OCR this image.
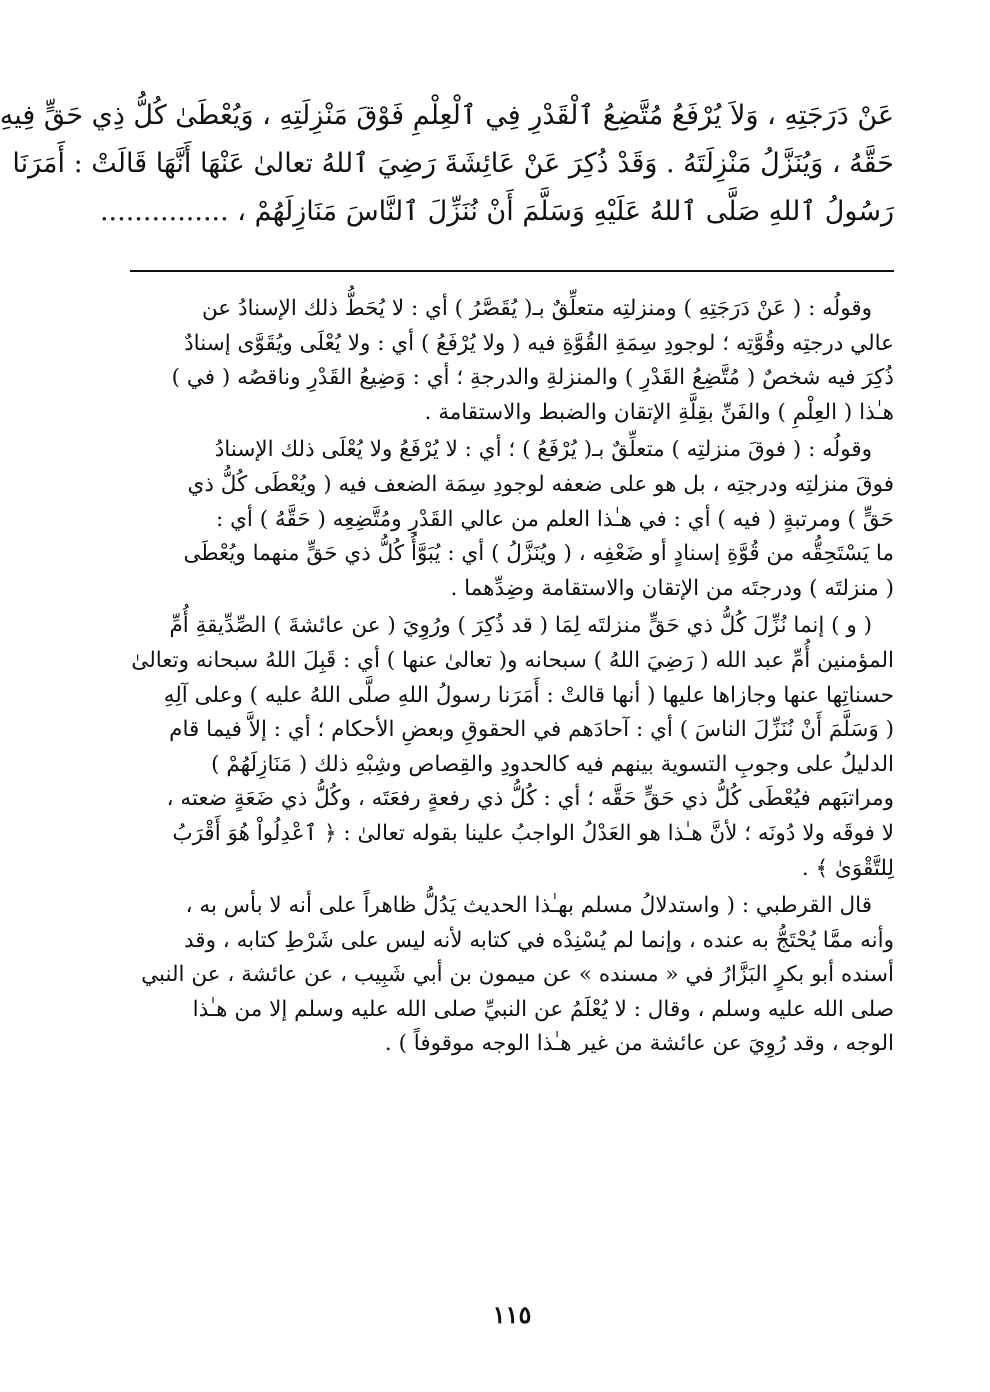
عَنْ دَرَجَتِهِ ، وَلاَ يُرْفَعُ مُتَّضِعُ ٱلْقَدْرِ فِي ٱلْعِلْمِ فَوْقَ مَنْزِلَتِهِ ، وَيُعْطَىٰ كُلُّ ذِي حَقٍّ فِيهِ

حَقَّهُ ، وَيُنَزَّلُ مَنْزِلَتَهُ . وَقَدْ ذُكِرَ عَنْ عَائِشَةَ رَضِيَ ٱللهُ تعالىٰ عَنْهَا أَنَّهَا قَالَتْ : أَمَرَنَا

رَسُولُ ٱللهِ صَلَّى ٱللهُ عَلَيْهِ وَسَلَّمَ أَنْ نُنَزِّلَ ٱلنَّاسَ مَنَازِلَهُمْ ، ...............

وقولُه : ( عَنْ دَرَجَتِهِ ) ومنزلتِه متعلِّقٌ بـ( يُقَصَّرُ ) أي : لا يُحَطُّ ذلك الإسنادُ عن
عالي درجتِه وقُوَّتِه ؛ لوجودِ سِمَةِ القُوَّةِ فيه ( ولا يُرْفَعُ ) أي : ولا يُعْلَى ويُقَوَّى إسنادٌ
ذُكِرَ فيه شخصٌ ( مُتَّضِعُ القَدْرِ ) والمنزلةِ والدرجةِ ؛ أي : وَضِيعُ القَدْرِ وناقصُه ( في )
هـٰذا ( العِلْمِ ) والفَنِّ بقِلَّةِ الإتقان والضبط والاستقامة .

وقولُه : ( فوقَ منزلتِه ) متعلِّقٌ بـ( يُرْفَعُ ) ؛ أي : لا يُرْفَعُ ولا يُعْلَى ذلك الإسنادُ
فوقَ منزلتِه ودرجتِه ، بل هو على ضعفه لوجودِ سِمَة الضعف فيه ( ويُعْطَى كُلُّ ذي
حَقٍّ ) ومرتبةٍ ( فيه ) أي : في هـٰذا العلم من عالي القَدْرِ ومُتَّضِعِه ( حَقَّهُ ) أي :
ما يَسْتَحِقُّه من قُوَّةِ إسنادٍ أو ضَعْفِه ، ( ويُنَزَّلُ ) أي : يُبَوَّأُ كُلُّ ذي حَقٍّ منهما ويُعْطَى
( منزلتَه ) ودرجتَه من الإتقان والاستقامة وضِدِّهما .

( و ) إنما نُزِّلَ كُلُّ ذي حَقٍّ منزلتَه لِمَا ( قد ذُكِرَ ) ورُوِيَ ( عن عائشةَ ) الصِّدِّيقةِ أُمِّ
المؤمنين أُمِّ عبد الله ( رَضِيَ اللهُ ) سبحانه و( تعالىٰ عنها ) أي : قَبِلَ اللهُ سبحانه وتعالىٰ
حسناتِها عنها وجازاها عليها ( أنها قالتْ : أَمَرَنا رسولُ اللهِ صلَّى اللهُ عليه ) وعلى آلِهِ
( وَسَلَّمَ أَنْ نُنَزِّلَ الناسَ ) أي : آحادَهم في الحقوقِ وبعضِ الأحكام ؛ أي : إلاَّ فيما قام
الدليلُ على وجوبِ التسوية بينهم فيه كالحدودِ والقِصاص وشِبْهِ ذلك ( مَنَازِلَهُمْ )
ومراتبَهم فيُعْطَى كُلُّ ذي حَقٍّ حَقَّه ؛ أي : كُلُّ ذي رفعةٍ رفعَتَه ، وكُلُّ ذي ضَعَةٍ ضعته ،
لا فوقَه ولا دُونَه ؛ لأنَّ هـٰذا هو العَدْلُ الواجبُ علينا بقوله تعالىٰ : ﴿ ٱعْدِلُواْ هُوَ أَقْرَبُ
لِلتَّقْوَىٰ ﴾ .

قال القرطبي : ( واستدلالُ مسلم بهـٰذا الحديث يَدُلُّ ظاهراً على أنه لا بأس به ،
وأنه ممَّا يُحْتَجُّ به عنده ، وإنما لم يُسْنِدْه في كتابه لأنه ليس على شَرْطِ كتابه ، وقد
أسنده أبو بكرٍ البَزَّارُ في « مسنده » عن ميمون بن أبي شَبِيب ، عن عائشة ، عن النبي
صلى الله عليه وسلم ، وقال : لا يُعْلَمُ عن النبيِّ صلى الله عليه وسلم إلا من هـٰذا
الوجه ، وقد رُوِيَ عن عائشة من غير هـٰذا الوجه موقوفاً ) .

١١٥
